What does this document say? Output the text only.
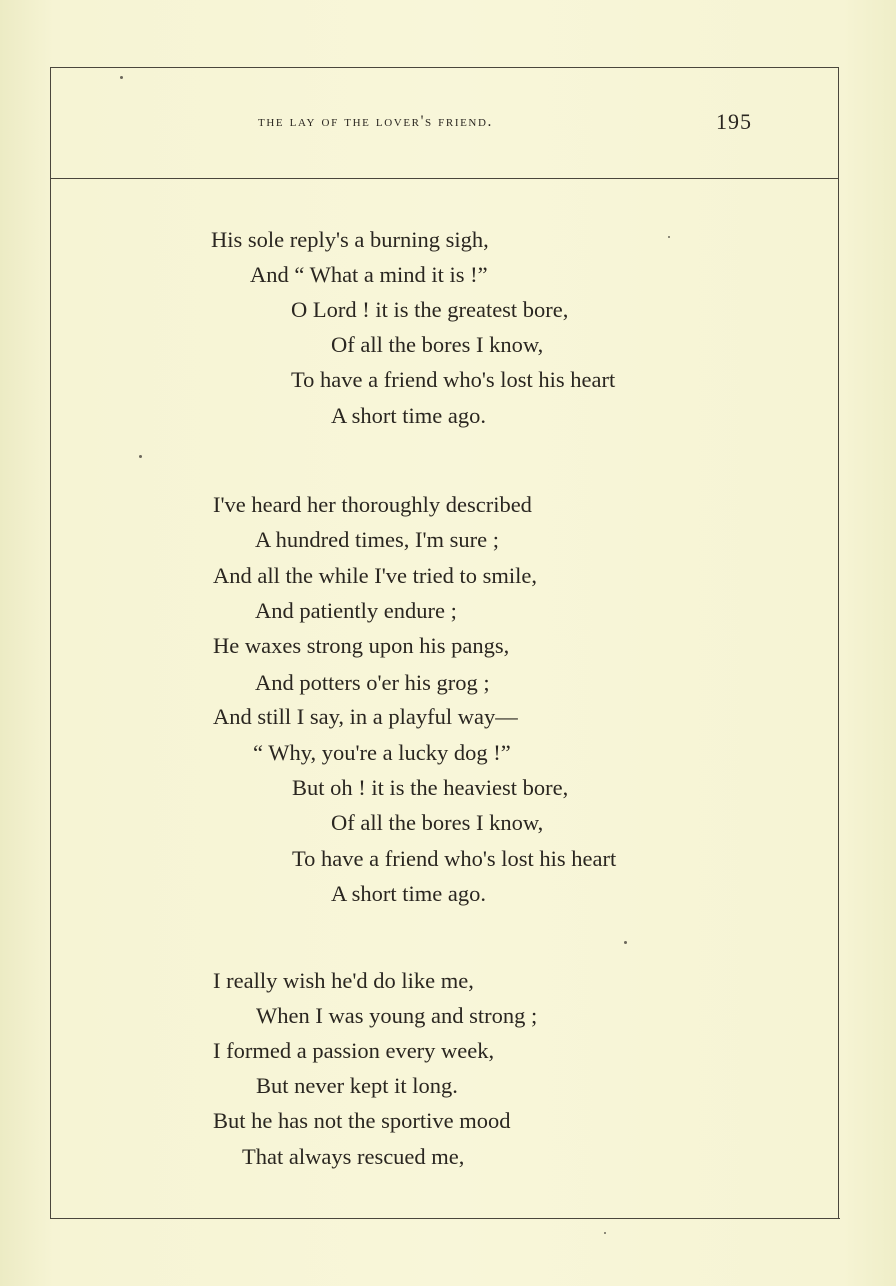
the lay of the lover's friend.	195
His sole reply's a burning sigh,
And “ What a mind it is !”
O Lord ! it is the greatest bore,
Of all the bores I know,
To have a friend who's lost his heart
A short time ago.
I've heard her thoroughly described
A hundred times, I'm sure ;
And all the while I've tried to smile,
And patiently endure ;
He waxes strong upon his pangs,
And potters o'er his grog ;
And still I say, in a playful way—
“ Why, you're a lucky dog !”
But oh ! it is the heaviest bore,
Of all the bores I know,
To have a friend who's lost his heart
A short time ago.
I really wish he'd do like me,
When I was young and strong ;
I formed a passion every week,
But never kept it long.
But he has not the sportive mood
That always rescued me,
